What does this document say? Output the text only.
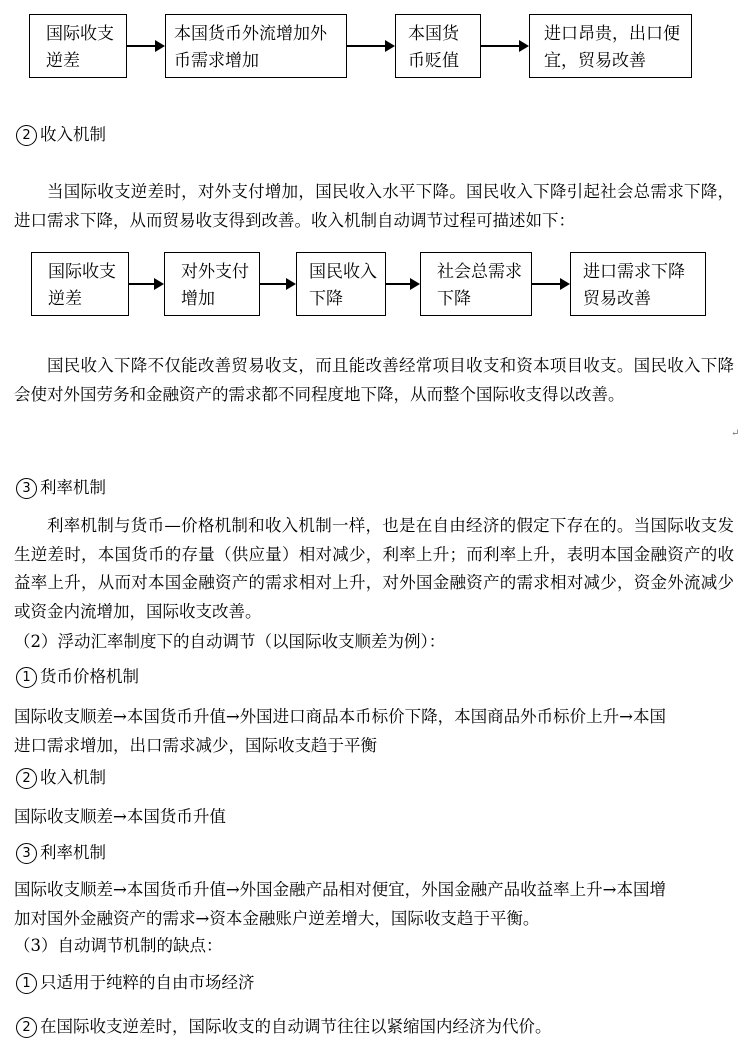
国际收支逆差
本国货币外流增加外币需求增加
本国货币贬值
进口昂贵，出口便宜，贸易改善
2 收入机制
当国际收支逆差时，对外支付增加，国民收入水平下降。国民收入下降引起社会总需求下降，进口需求下降，从而贸易收支得到改善。收入机制自动调节过程可描述如下：
国际收支逆差
对外支付增加
国民收入下降
社会总需求下降
进口需求下降贸易改善
国民收入下降不仅能改善贸易收支，而且能改善经常项目收支和资本项目收支。国民收入下降会使对外国劳务和金融资产的需求都不同程度地下降，从而整个国际收支得以改善。
↵
3 利率机制
利率机制与货币—价格机制和收入机制一样，也是在自由经济的假定下存在的。当国际收支发生逆差时，本国货币的存量（供应量）相对减少，利率上升；而利率上升，表明本国金融资产的收益率上升，从而对本国金融资产的需求相对上升，对外国金融资产的需求相对减少，资金外流减少或资金内流增加，国际收支改善。
（2）浮动汇率制度下的自动调节（以国际收支顺差为例）：
1 货币价格机制
国际收支顺差→本国货币升值→外国进口商品本币标价下降，本国商品外币标价上升→本国
进口需求增加，出口需求减少，国际收支趋于平衡
2 收入机制
国际收支顺差→本国货币升值
3 利率机制
国际收支顺差→本国货币升值→外国金融产品相对便宜，外国金融产品收益率上升→本国增
加对国外金融资产的需求→资本金融账户逆差增大，国际收支趋于平衡。
（3）自动调节机制的缺点：
1 只适用于纯粹的自由市场经济
2 在国际收支逆差时，国际收支的自动调节往往以紧缩国内经济为代价。
